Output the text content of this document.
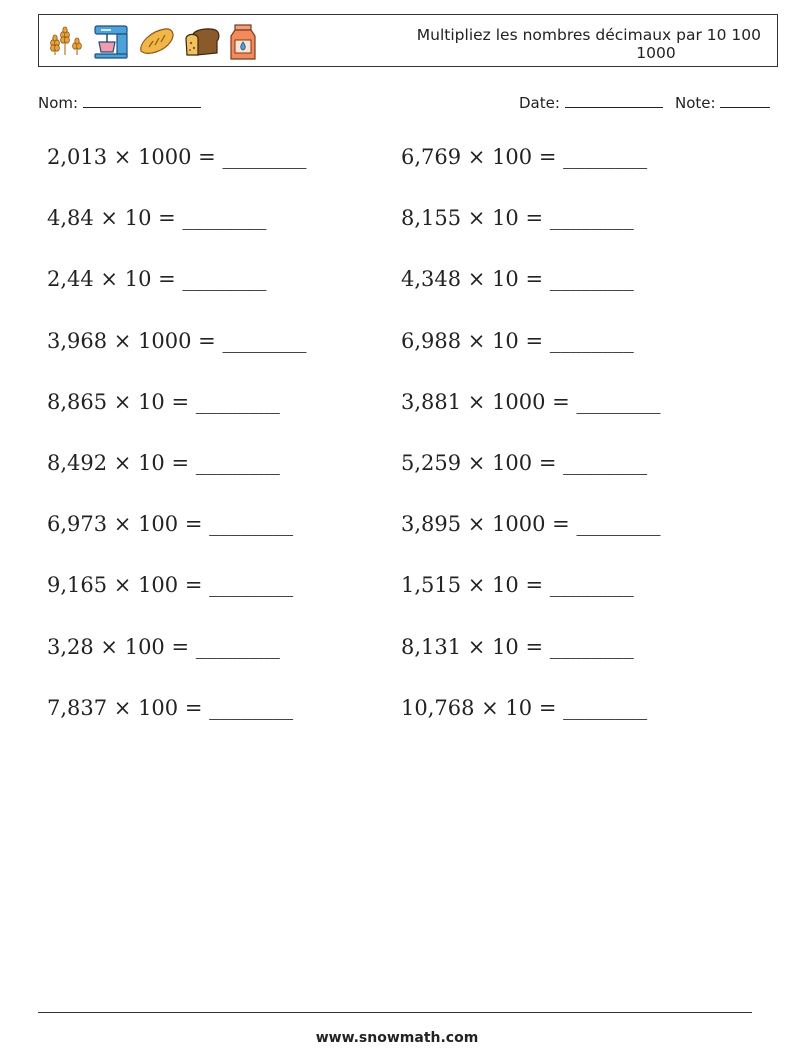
Multipliez les nombres décimaux par 10 100
1000
Nom:	Date:	Note:
2,013 × 1000 = ________	6,769 × 100 = ________
4,84 × 10 = ________	8,155 × 10 = ________
2,44 × 10 = ________	4,348 × 10 = ________
3,968 × 1000 = ________	6,988 × 10 = ________
8,865 × 10 = ________	3,881 × 1000 = ________
8,492 × 10 = ________	5,259 × 100 = ________
6,973 × 100 = ________	3,895 × 1000 = ________
9,165 × 100 = ________	1,515 × 10 = ________
3,28 × 100 = ________	8,131 × 10 = ________
7,837 × 100 = ________	10,768 × 10 = ________
www.snowmath.com
